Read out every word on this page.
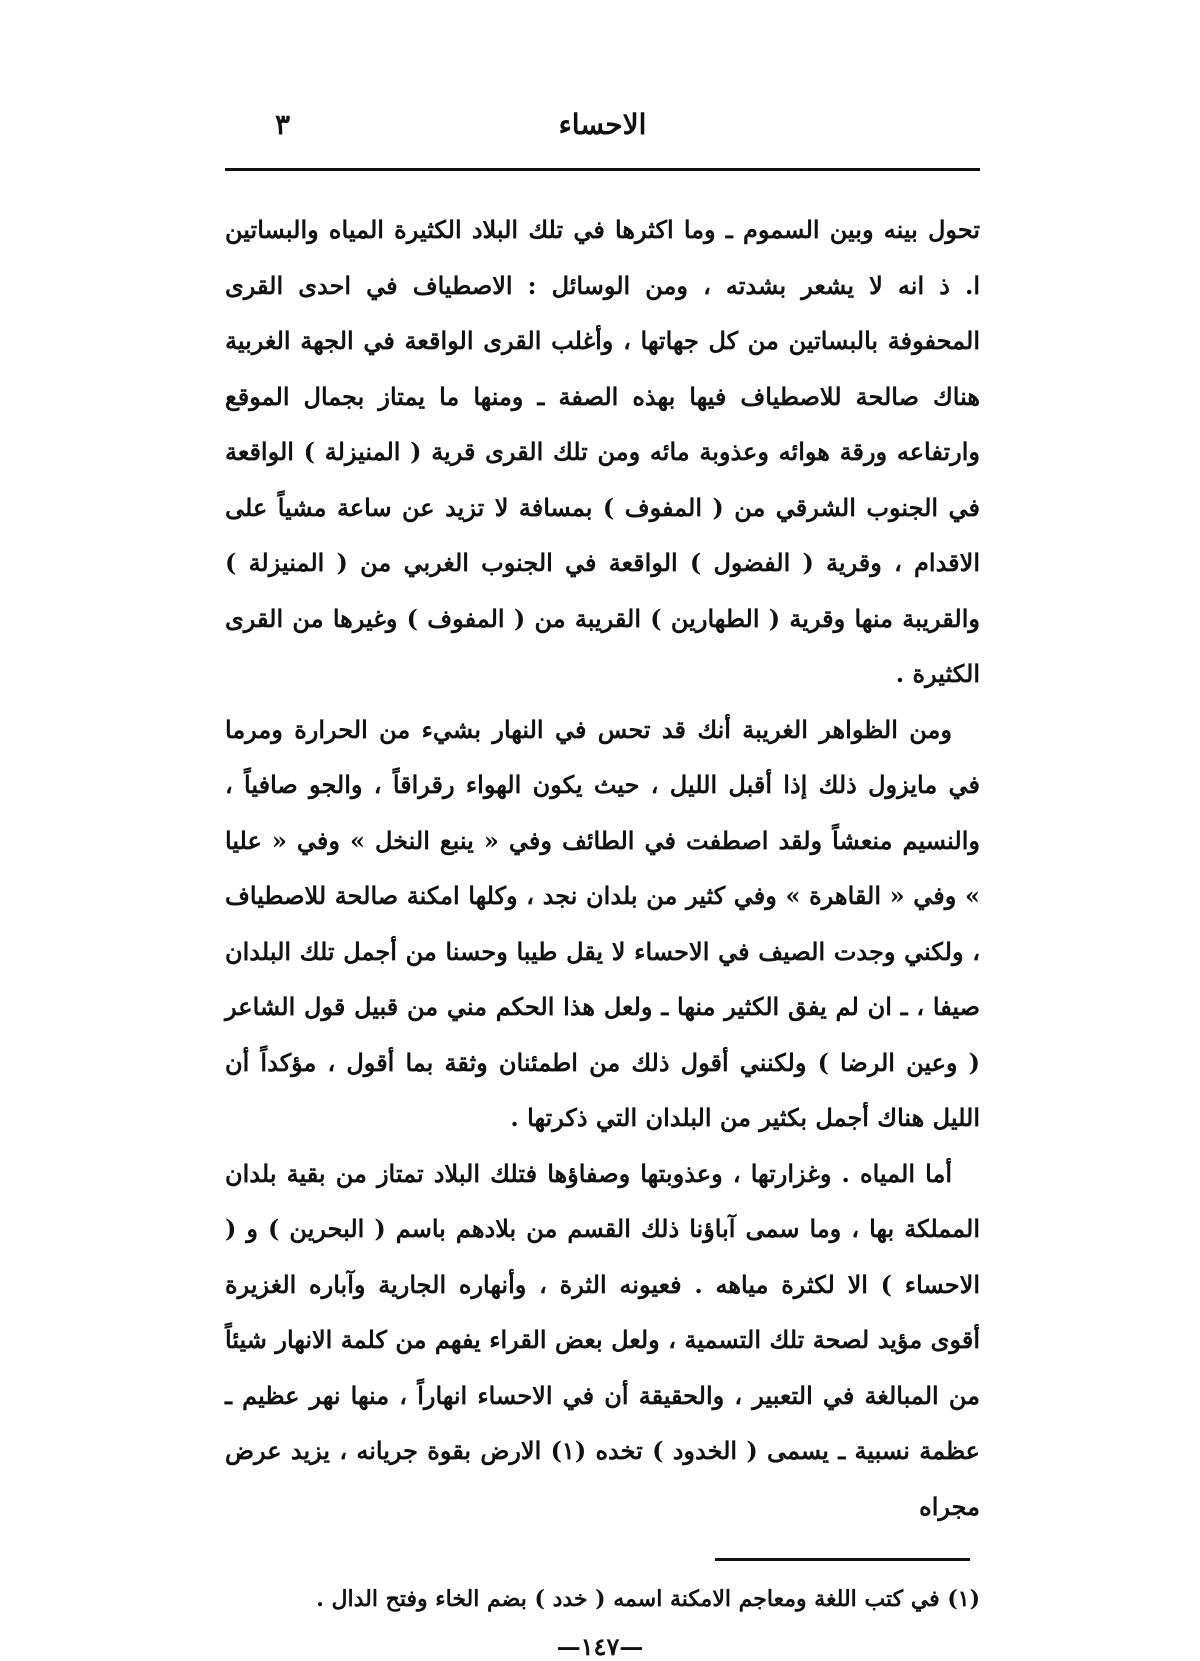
الاحساء
٣

تحول بينه وبين السموم ـ وما اكثرها في تلك البلاد الكثيرة المياه والبساتين ا. ذ انه لا يشعر بشدته ، ومن الوسائل : الاصطياف في احدى القرى المحفوفة بالبساتين من كل جهاتها ، وأغلب القرى الواقعة في الجهة الغربية هناك صالحة للاصطياف فيها بهذه الصفة ـ ومنها ما يمتاز بجمال الموقع وارتفاعه ورقة هوائه وعذوبة مائه ومن تلك القرى قرية ( المنيزلة ) الواقعة في الجنوب الشرقي من ( المفوف ) بمسافة لا تزيد عن ساعة مشياً على الاقدام ، وقرية ( الفضول ) الواقعة في الجنوب الغربي من ( المنيزلة ) والقريبة منها وقرية ( الطهارين ) القريبة من ( المفوف ) وغيرها من القرى الكثيرة .

ومن الظواهر الغريبة أنك قد تحس في النهار بشيء من الحرارة ومرما في مايزول ذلك إذا أقبل الليل ، حيث يكون الهواء رقراقاً ، والجو صافياً ، والنسيم منعشاً ولقد اصطفت في الطائف وفي « ينبع النخل » وفي « عليا » وفي « القاهرة » وفي كثير من بلدان نجد ، وكلها امكنة صالحة للاصطياف ، ولكني وجدت الصيف في الاحساء لا يقل طيبا وحسنا من أجمل تلك البلدان صيفا ، ـ ان لم يفق الكثير منها ـ ولعل هذا الحكم مني من قبيل قول الشاعر ( وعين الرضا ) ولكنني أقول ذلك من اطمئنان وثقة بما أقول ، مؤكداً أن الليل هناك أجمل بكثير من البلدان التي ذكرتها .

أما المياه . وغزارتها ، وعذوبتها وصفاؤها فتلك البلاد تمتاز من بقية بلدان المملكة بها ، وما سمى آباؤنا ذلك القسم من بلادهم باسم ( البحرين ) و ( الاحساء ) الا لكثرة مياهه . فعيونه الثرة ، وأنهاره الجارية وآباره الغزيرة أقوى مؤيد لصحة تلك التسمية ، ولعل بعض القراء يفهم من كلمة الانهار شيئاً من المبالغة في التعبير ، والحقيقة أن في الاحساء انهاراً ، منها نهر عظيم ـ عظمة نسبية ـ يسمى ( الخدود ) تخده (١) الارض بقوة جريانه ، يزيد عرض مجراه

(١) في كتب اللغة ومعاجم الامكنة اسمه ( خدد ) بضم الخاء وفتح الدال .
—١٤٧—
